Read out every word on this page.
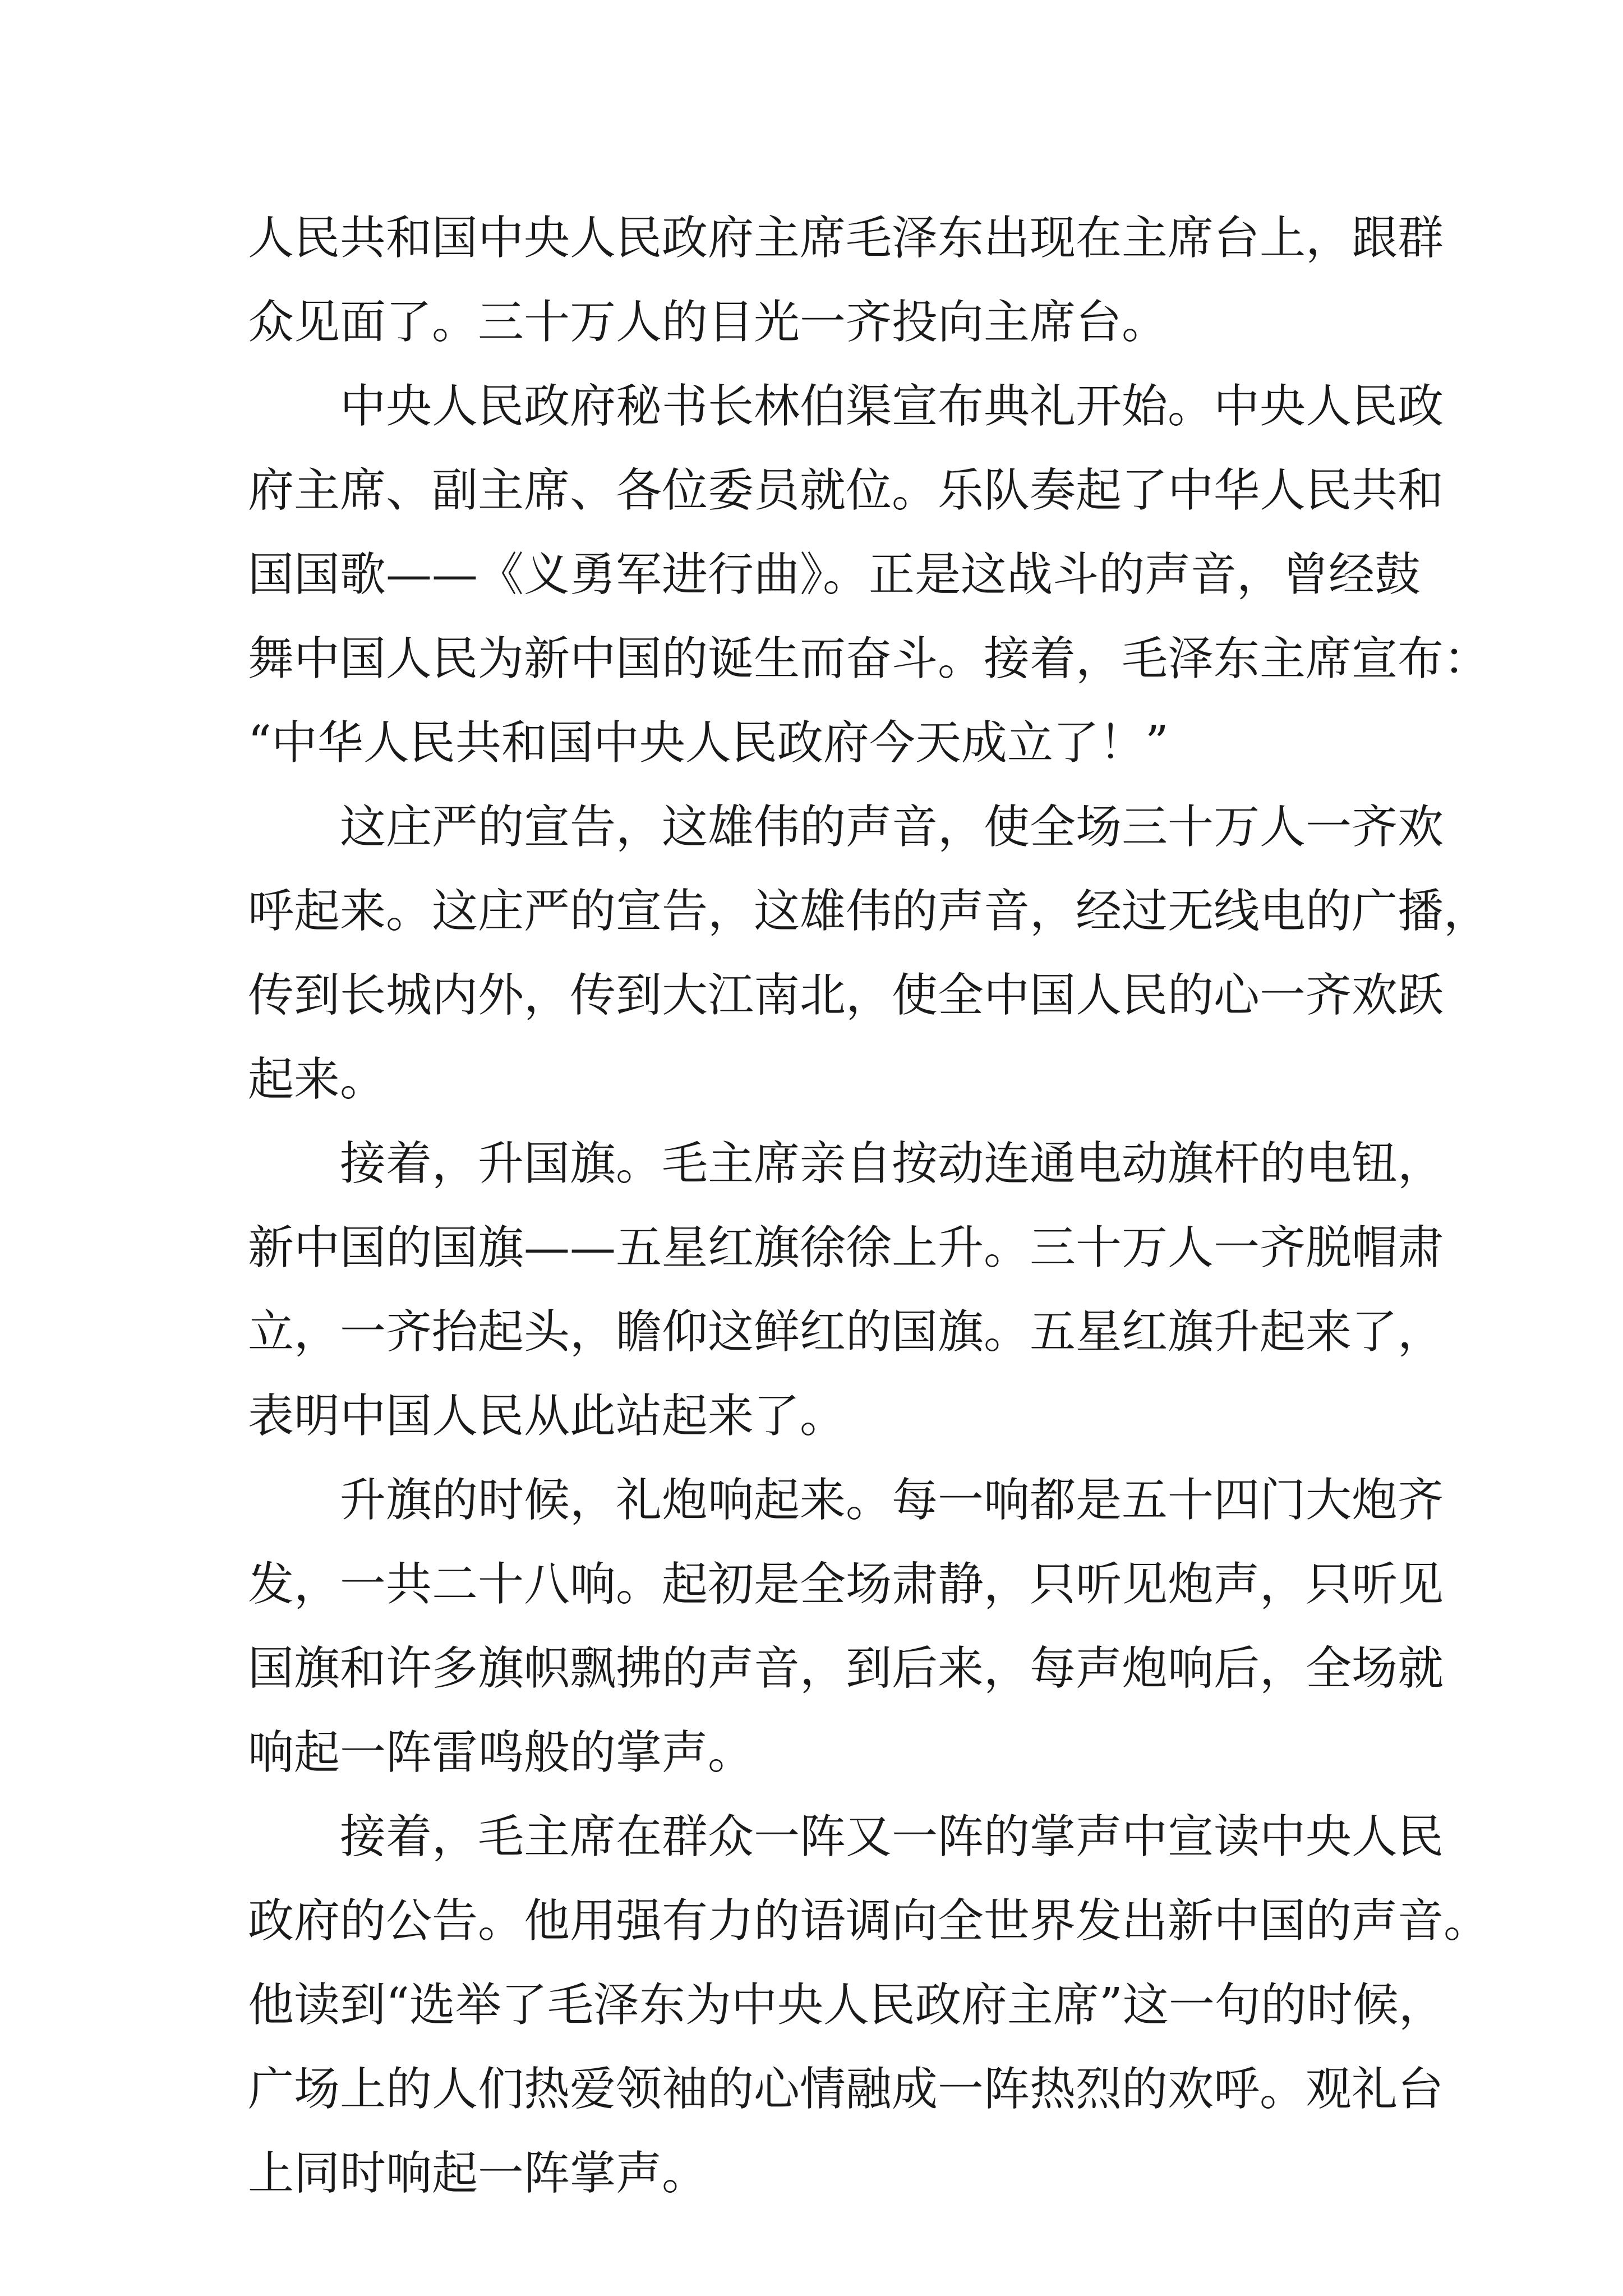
人民共和国中央人民政府主席毛泽东出现在主席台上，跟群
众见面了。三十万人的目光一齐投向主席台。
中央人民政府秘书长林伯渠宣布典礼开始。中央人民政
府主席、副主席、各位委员就位。乐队奏起了中华人民共和
国国歌——《义勇军进行曲》。正是这战斗的声音，曾经鼓
舞中国人民为新中国的诞生而奋斗。接着，毛泽东主席宣布：
“中华人民共和国中央人民政府今天成立了！”
这庄严的宣告，这雄伟的声音，使全场三十万人一齐欢
呼起来。这庄严的宣告，这雄伟的声音，经过无线电的广播，
传到长城内外，传到大江南北，使全中国人民的心一齐欢跃
起来。
接着，升国旗。毛主席亲自按动连通电动旗杆的电钮，
新中国的国旗——五星红旗徐徐上升。三十万人一齐脱帽肃
立，一齐抬起头，瞻仰这鲜红的国旗。五星红旗升起来了，
表明中国人民从此站起来了。
升旗的时候，礼炮响起来。每一响都是五十四门大炮齐
发，一共二十八响。起初是全场肃静，只听见炮声，只听见
国旗和许多旗帜飘拂的声音，到后来，每声炮响后，全场就
响起一阵雷鸣般的掌声。
接着，毛主席在群众一阵又一阵的掌声中宣读中央人民
政府的公告。他用强有力的语调向全世界发出新中国的声音。
他读到“选举了毛泽东为中央人民政府主席”这一句的时候，
广场上的人们热爱领袖的心情融成一阵热烈的欢呼。观礼台
上同时响起一阵掌声。
